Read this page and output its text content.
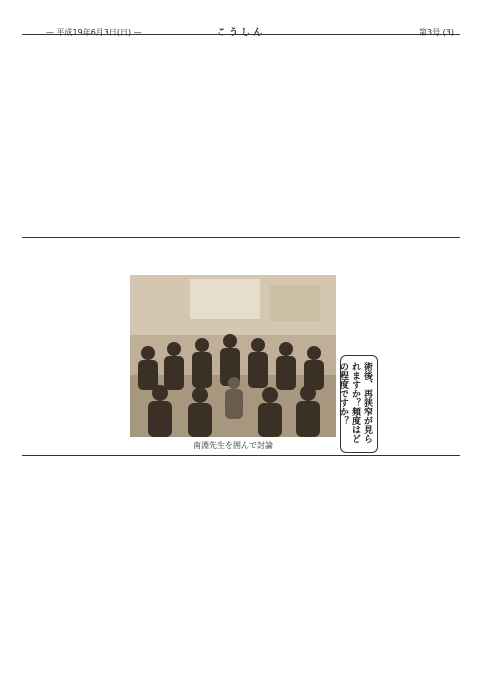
— 平成19年6月3日(日) —	こうしん	第3号 (3)
南淵先生を囲んで討論
術後、再狭窄が見られますか？頻度はどの程度ですか？
